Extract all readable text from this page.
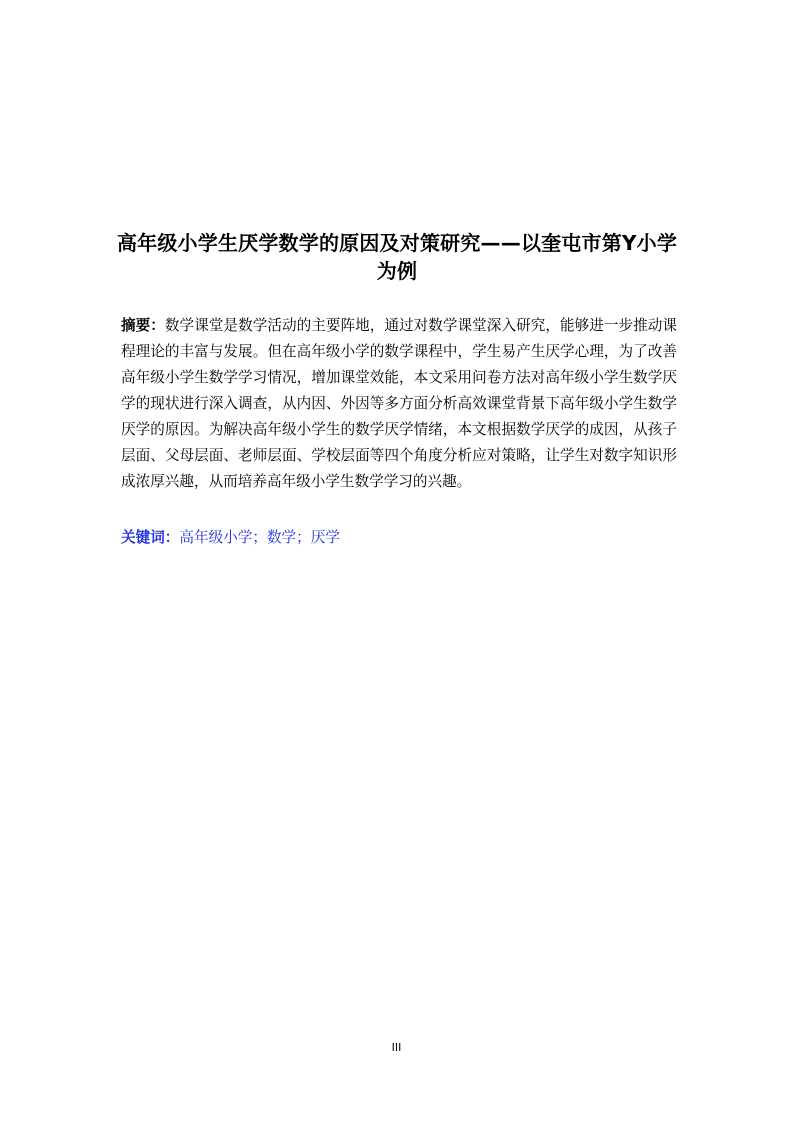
高年级小学生厌学数学的原因及对策研究——以奎屯市第Y小学为例

摘要：数学课堂是数学活动的主要阵地，通过对数学课堂深入研究，能够进一步推动课程理论的丰富与发展。但在高年级小学的数学课程中，学生易产生厌学心理，为了改善高年级小学生数学学习情况，增加课堂效能，本文采用问卷方法对高年级小学生数学厌学的现状进行深入调查，从内因、外因等多方面分析高效课堂背景下高年级小学生数学厌学的原因。为解决高年级小学生的数学厌学情绪，本文根据数学厌学的成因，从孩子层面、父母层面、老师层面、学校层面等四个角度分析应对策略，让学生对数字知识形成浓厚兴趣，从而培养高年级小学生数学学习的兴趣。

关键词：高年级小学；数学；厌学

III
